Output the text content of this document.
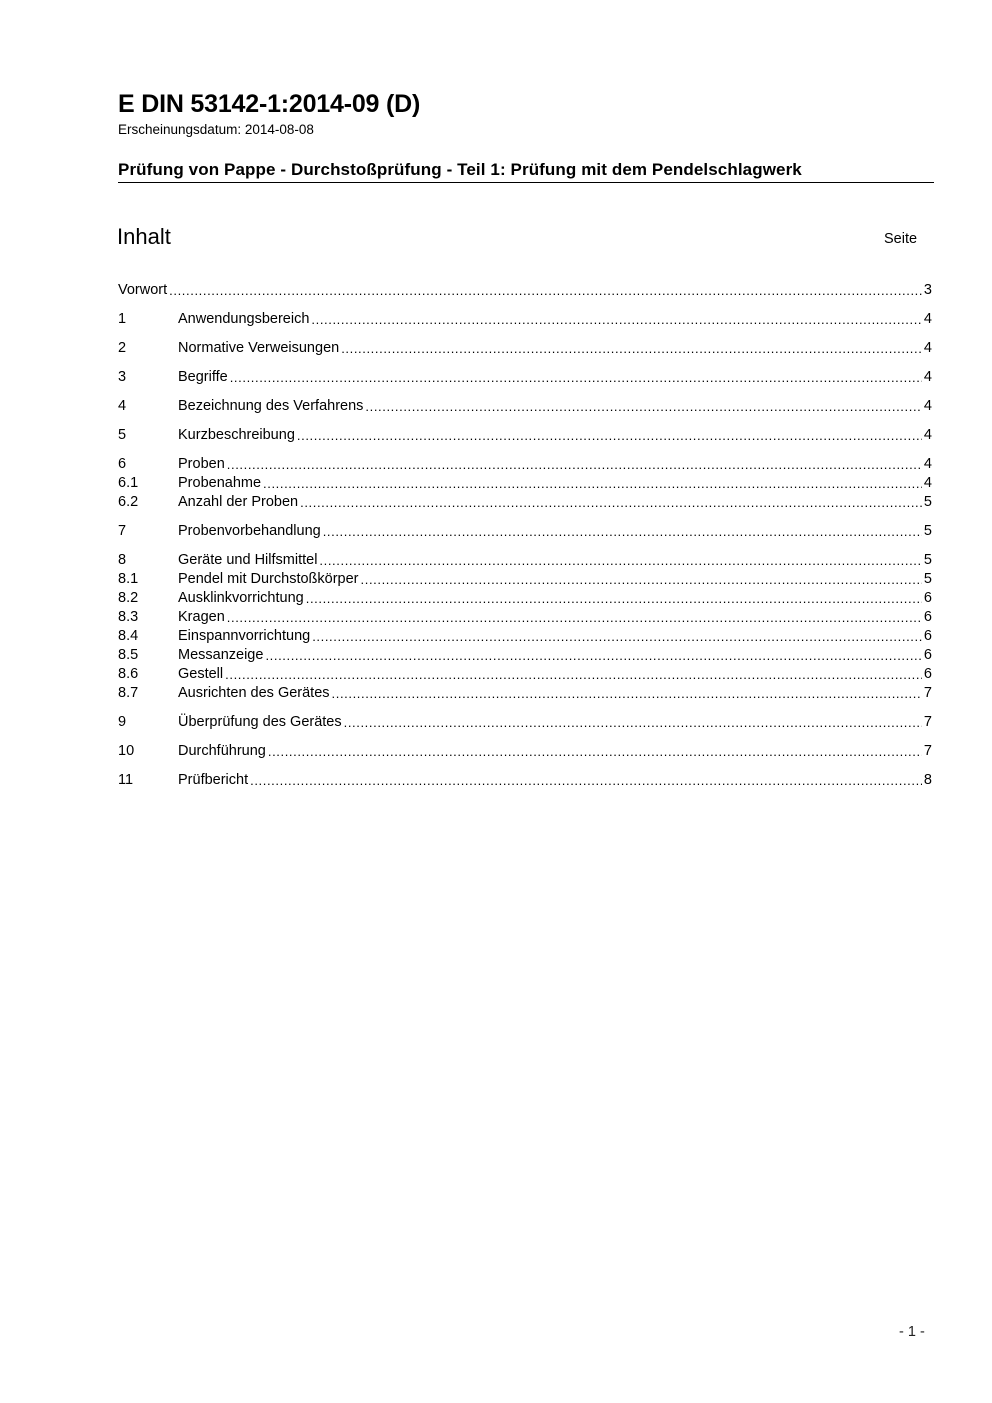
E DIN 53142-1:2014-09 (D)
Erscheinungsdatum: 2014-08-08
Prüfung von Pappe - Durchstoßprüfung - Teil 1: Prüfung mit dem Pendelschlagwerk
Inhalt	Seite
Vorwort .....	3
1	Anwendungsbereich .....	4
2	Normative Verweisungen .....	4
3	Begriffe .....	4
4	Bezeichnung des Verfahrens .....	4
5	Kurzbeschreibung .....	4
6	Proben .....	4
6.1	Probenahme .....	4
6.2	Anzahl der Proben .....	5
7	Probenvorbehandlung .....	5
8	Geräte und Hilfsmittel .....	5
8.1	Pendel mit Durchstoßkörper .....	5
8.2	Ausklinkvorrichtung .....	6
8.3	Kragen .....	6
8.4	Einspannvorrichtung .....	6
8.5	Messanzeige .....	6
8.6	Gestell .....	6
8.7	Ausrichten des Gerätes .....	7
9	Überprüfung des Gerätes .....	7
10	Durchführung .....	7
11	Prüfbericht .....	8
- 1 -
